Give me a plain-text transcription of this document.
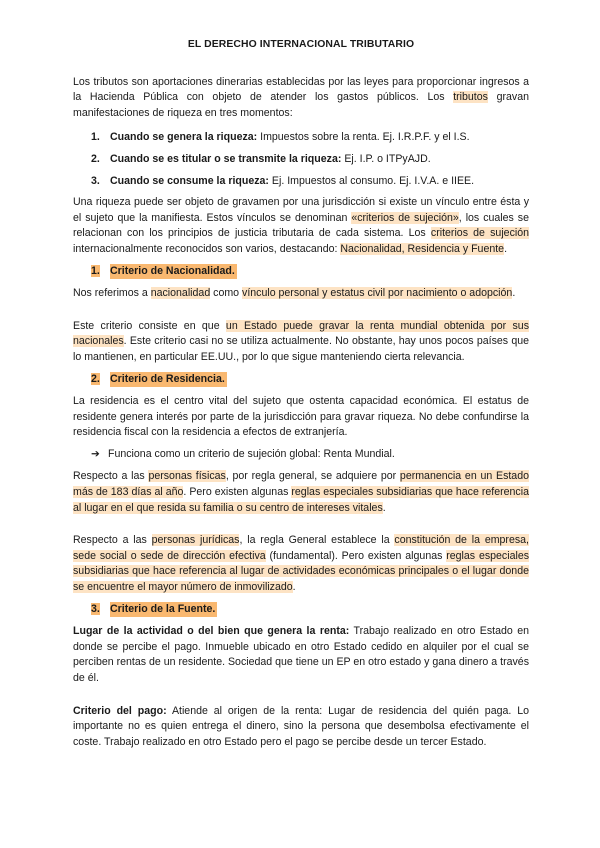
EL DERECHO INTERNACIONAL TRIBUTARIO

Los tributos son aportaciones dinerarias establecidas por las leyes para proporcionar ingresos a la Hacienda Pública con objeto de atender los gastos públicos. Los tributos gravan manifestaciones de riqueza en tres momentos:

1. Cuando se genera la riqueza: Impuestos sobre la renta. Ej. I.R.P.F. y el I.S.
2. Cuando se es titular o se transmite la riqueza: Ej. I.P. o ITPyAJD.
3. Cuando se consume la riqueza: Ej. Impuestos al consumo. Ej. I.V.A. e IIEE.

Una riqueza puede ser objeto de gravamen por una jurisdicción si existe un vínculo entre ésta y el sujeto que la manifiesta. Estos vínculos se denominan «criterios de sujeción», los cuales se relacionan con los principios de justicia tributaria de cada sistema. Los criterios de sujeción internacionalmente reconocidos son varios, destacando: Nacionalidad, Residencia y Fuente.

1. Criterio de Nacionalidad.

Nos referimos a nacionalidad como vínculo personal y estatus civil por nacimiento o adopción.

Este criterio consiste en que un Estado puede gravar la renta mundial obtenida por sus nacionales. Este criterio casi no se utiliza actualmente. No obstante, hay unos pocos países que lo mantienen, en particular EE.UU., por lo que sigue manteniendo cierta relevancia.

2. Criterio de Residencia.

La residencia es el centro vital del sujeto que ostenta capacidad económica. El estatus de residente genera interés por parte de la jurisdicción para gravar riqueza. No debe confundirse la residencia fiscal con la residencia a efectos de extranjería.

➔ Funciona como un criterio de sujeción global: Renta Mundial.

Respecto a las personas físicas, por regla general, se adquiere por permanencia en un Estado más de 183 días al año. Pero existen algunas reglas especiales subsidiarias que hace referencia al lugar en el que resida su familia o su centro de intereses vitales.

Respecto a las personas jurídicas, la regla General establece la constitución de la empresa, sede social o sede de dirección efectiva (fundamental). Pero existen algunas reglas especiales subsidiarias que hace referencia al lugar de actividades económicas principales o el lugar donde se encuentre el mayor número de inmovilizado.

3. Criterio de la Fuente.

Lugar de la actividad o del bien que genera la renta: Trabajo realizado en otro Estado en donde se percibe el pago. Inmueble ubicado en otro Estado cedido en alquiler por el cual se perciben rentas de un residente. Sociedad que tiene un EP en otro estado y gana dinero a través de él.

Criterio del pago: Atiende al origen de la renta: Lugar de residencia del quién paga. Lo importante no es quien entrega el dinero, sino la persona que desembolsa efectivamente el coste. Trabajo realizado en otro Estado pero el pago se percibe desde un tercer Estado.
